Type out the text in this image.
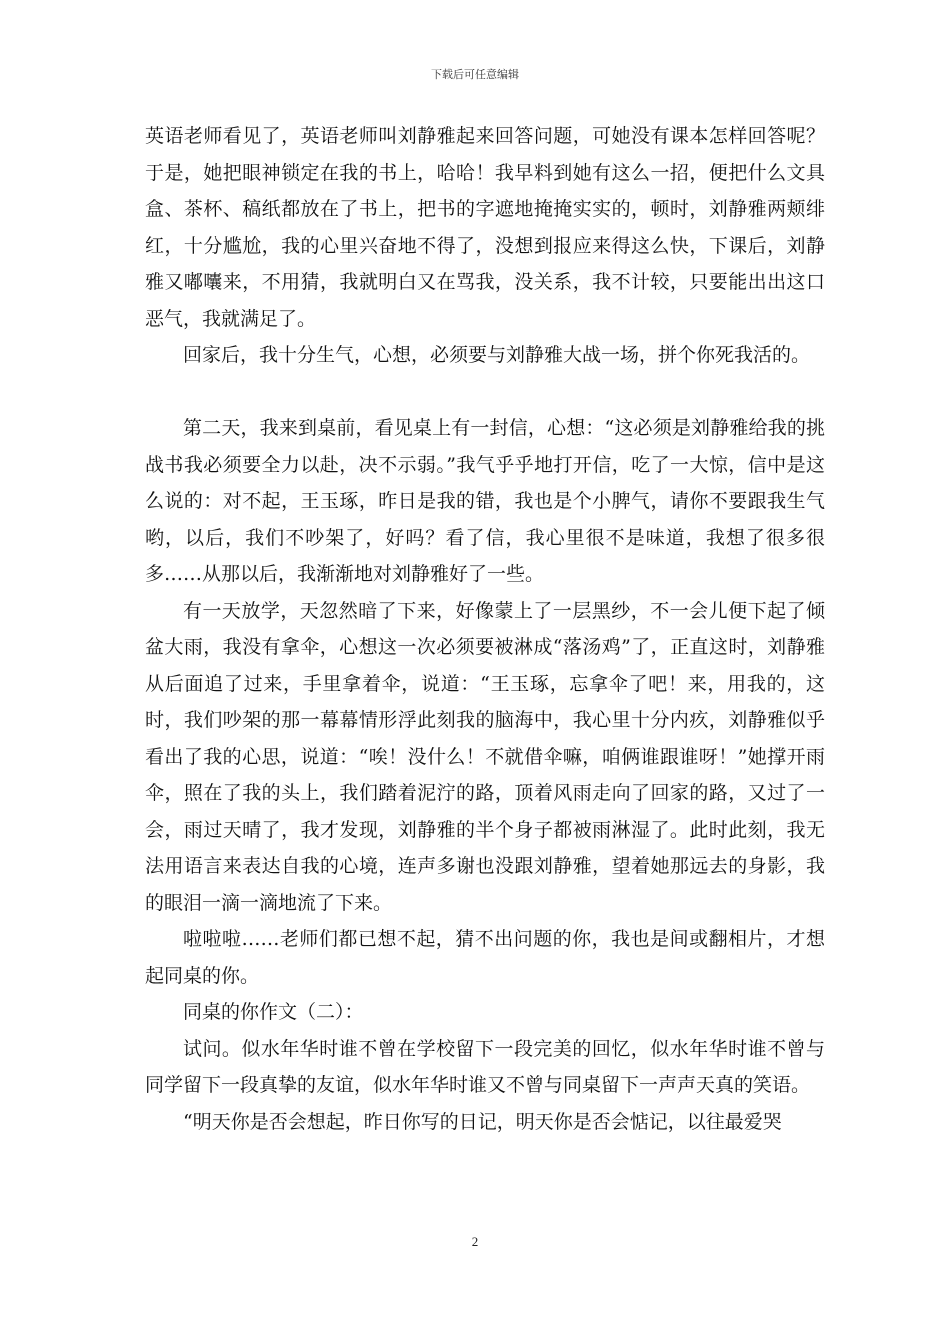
下载后可任意编辑

英语老师看见了，英语老师叫刘静雅起来回答问题，可她没有课本怎样回答呢？于是，她把眼神锁定在我的书上，哈哈！我早料到她有这么一招，便把什么文具盒、茶杯、稿纸都放在了书上，把书的字遮地掩掩实实的，顿时，刘静雅两颊绯红，十分尴尬，我的心里兴奋地不得了，没想到报应来得这么快，下课后，刘静雅又嘟囔来，不用猜，我就明白又在骂我，没关系，我不计较，只要能出出这口恶气，我就满足了。

回家后，我十分生气，心想，必须要与刘静雅大战一场，拼个你死我活的。

第二天，我来到桌前，看见桌上有一封信，心想：“这必须是刘静雅给我的挑战书我必须要全力以赴，决不示弱。”我气乎乎地打开信，吃了一大惊，信中是这么说的：对不起，王玉琢，昨日是我的错，我也是个小脾气，请你不要跟我生气哟，以后，我们不吵架了，好吗？看了信，我心里很不是味道，我想了很多很多……从那以后，我渐渐地对刘静雅好了一些。

有一天放学，天忽然暗了下来，好像蒙上了一层黑纱，不一会儿便下起了倾盆大雨，我没有拿伞，心想这一次必须要被淋成“落汤鸡”了，正直这时，刘静雅从后面追了过来，手里拿着伞，说道：“王玉琢，忘拿伞了吧！来，用我的，这时，我们吵架的那一幕幕情形浮此刻我的脑海中，我心里十分内疚，刘静雅似乎看出了我的心思，说道：“唉！没什么！不就借伞嘛，咱俩谁跟谁呀！”她撑开雨伞，照在了我的头上，我们踏着泥泞的路，顶着风雨走向了回家的路，又过了一会，雨过天晴了，我才发现，刘静雅的半个身子都被雨淋湿了。此时此刻，我无法用语言来表达自我的心境，连声多谢也没跟刘静雅，望着她那远去的身影，我的眼泪一滴一滴地流了下来。

啦啦啦……老师们都已想不起，猜不出问题的你，我也是间或翻相片，才想起同桌的你。

同桌的你作文（二）：

试问。似水年华时谁不曾在学校留下一段完美的回忆，似水年华时谁不曾与同学留下一段真挚的友谊，似水年华时谁又不曾与同桌留下一声声天真的笑语。

“明天你是否会想起，昨日你写的日记，明天你是否会惦记，以往最爱哭

2
